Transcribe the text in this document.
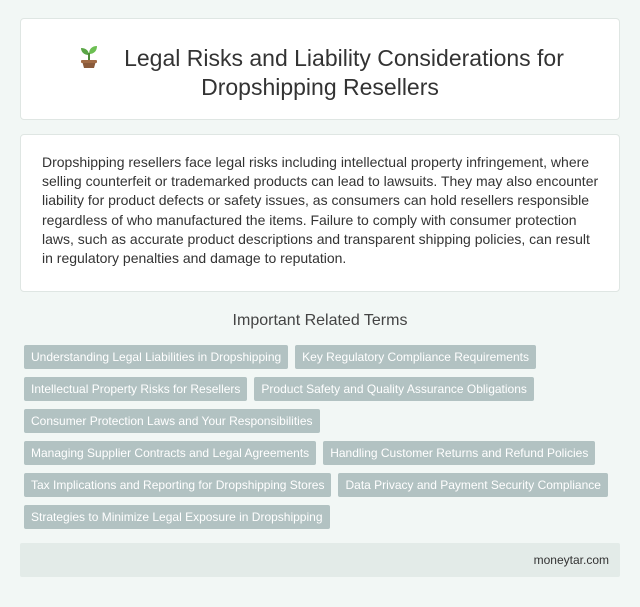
Legal Risks and Liability Considerations for Dropshipping Resellers

Dropshipping resellers face legal risks including intellectual property infringement, where selling counterfeit or trademarked products can lead to lawsuits. They may also encounter liability for product defects or safety issues, as consumers can hold resellers responsible regardless of who manufactured the items. Failure to comply with consumer protection laws, such as accurate product descriptions and transparent shipping policies, can result in regulatory penalties and damage to reputation.

Important Related Terms
Understanding Legal Liabilities in Dropshipping	Key Regulatory Compliance Requirements
Intellectual Property Risks for Resellers	Product Safety and Quality Assurance Obligations
Consumer Protection Laws and Your Responsibilities
Managing Supplier Contracts and Legal Agreements	Handling Customer Returns and Refund Policies
Tax Implications and Reporting for Dropshipping Stores	Data Privacy and Payment Security Compliance
Strategies to Minimize Legal Exposure in Dropshipping
moneytar.com
